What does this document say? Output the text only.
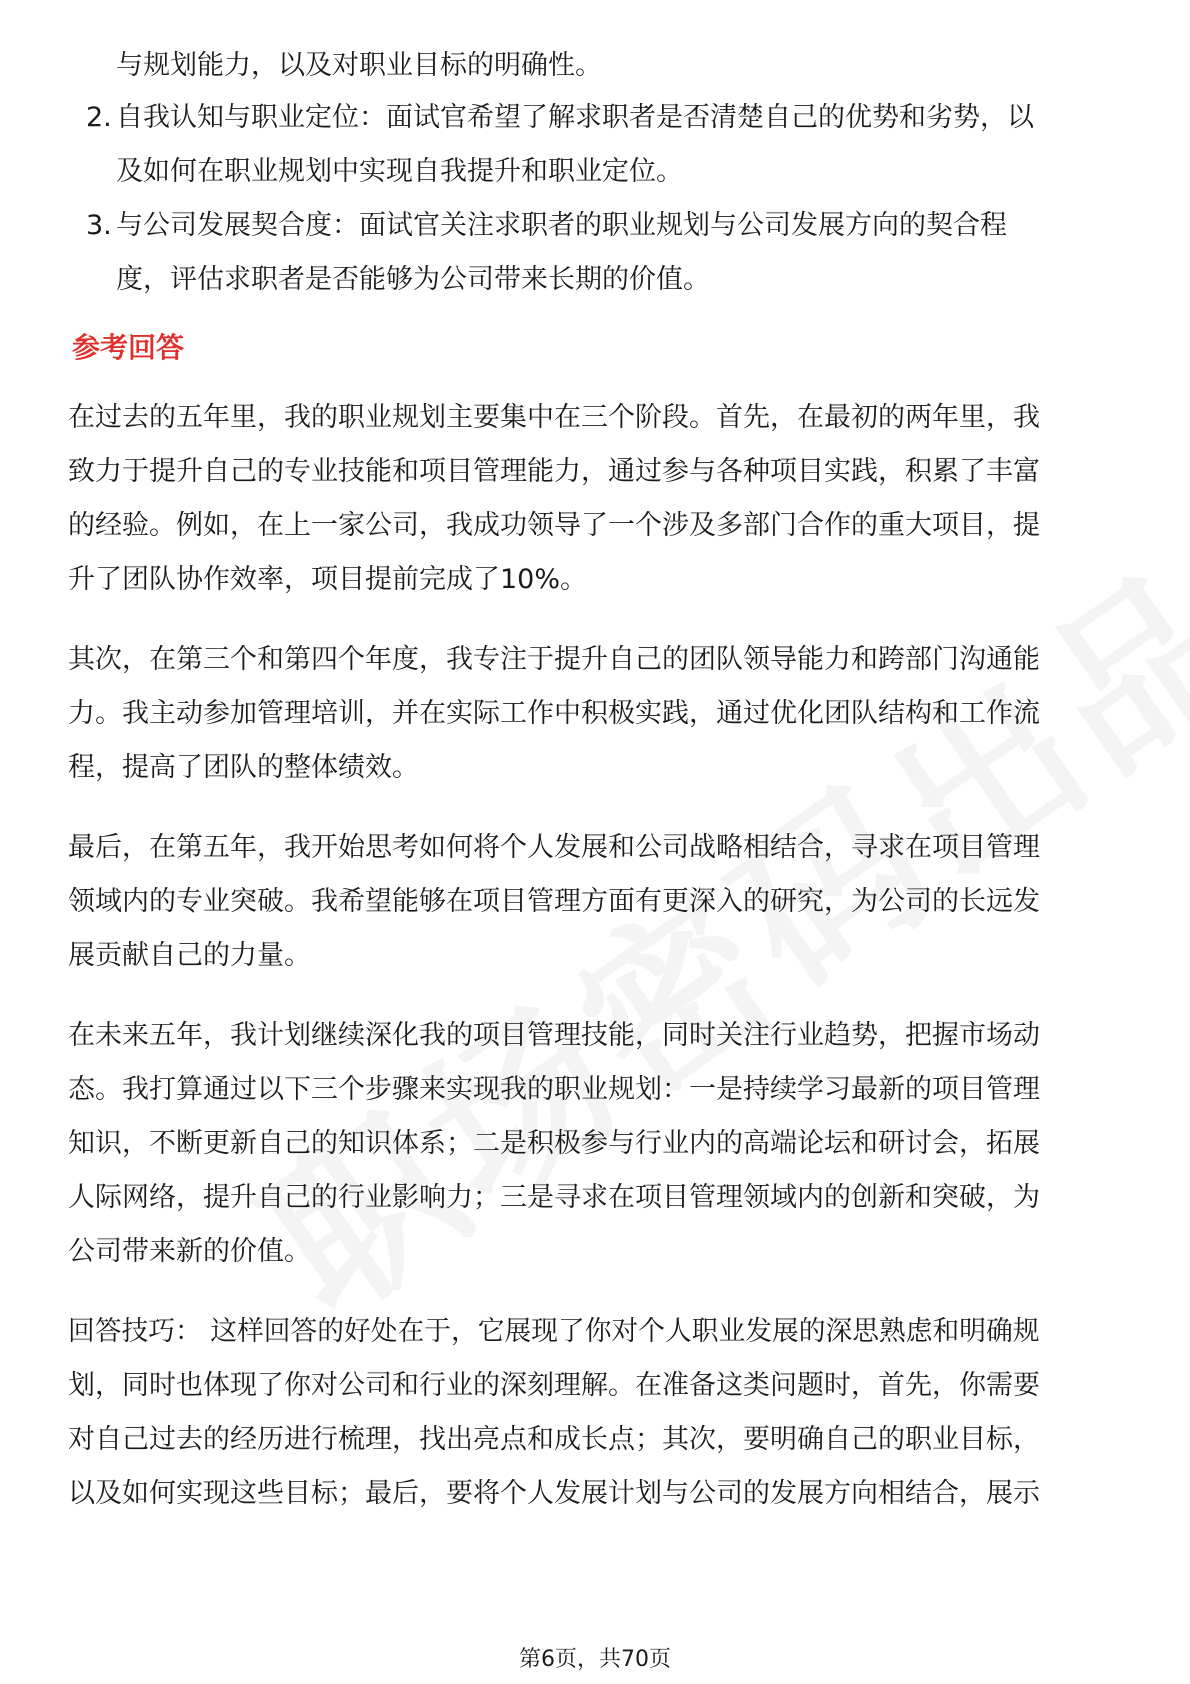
与规划能力，以及对职业目标的明确性。
2. 自我认知与职业定位：面试官希望了解求职者是否清楚自己的优势和劣势，以
及如何在职业规划中实现自我提升和职业定位。
3. 与公司发展契合度：面试官关注求职者的职业规划与公司发展方向的契合程
度，评估求职者是否能够为公司带来长期的价值。
参考回答
在过去的五年里，我的职业规划主要集中在三个阶段。首先，在最初的两年里，我
致力于提升自己的专业技能和项目管理能力，通过参与各种项目实践，积累了丰富
的经验。例如，在上一家公司，我成功领导了一个涉及多部门合作的重大项目，提
升了团队协作效率，项目提前完成了10%。
其次，在第三个和第四个年度，我专注于提升自己的团队领导能力和跨部门沟通能
力。我主动参加管理培训，并在实际工作中积极实践，通过优化团队结构和工作流
程，提高了团队的整体绩效。
最后，在第五年，我开始思考如何将个人发展和公司战略相结合，寻求在项目管理
领域内的专业突破。我希望能够在项目管理方面有更深入的研究，为公司的长远发
展贡献自己的力量。
在未来五年，我计划继续深化我的项目管理技能，同时关注行业趋势，把握市场动
态。我打算通过以下三个步骤来实现我的职业规划：一是持续学习最新的项目管理
知识，不断更新自己的知识体系；二是积极参与行业内的高端论坛和研讨会，拓展
人际网络，提升自己的行业影响力；三是寻求在项目管理领域内的创新和突破，为
公司带来新的价值。
回答技巧： 这样回答的好处在于，它展现了你对个人职业发展的深思熟虑和明确规
划，同时也体现了你对公司和行业的深刻理解。在准备这类问题时，首先，你需要
对自己过去的经历进行梳理，找出亮点和成长点；其次，要明确自己的职业目标，
以及如何实现这些目标；最后，要将个人发展计划与公司的发展方向相结合，展示
第6页，共70页
